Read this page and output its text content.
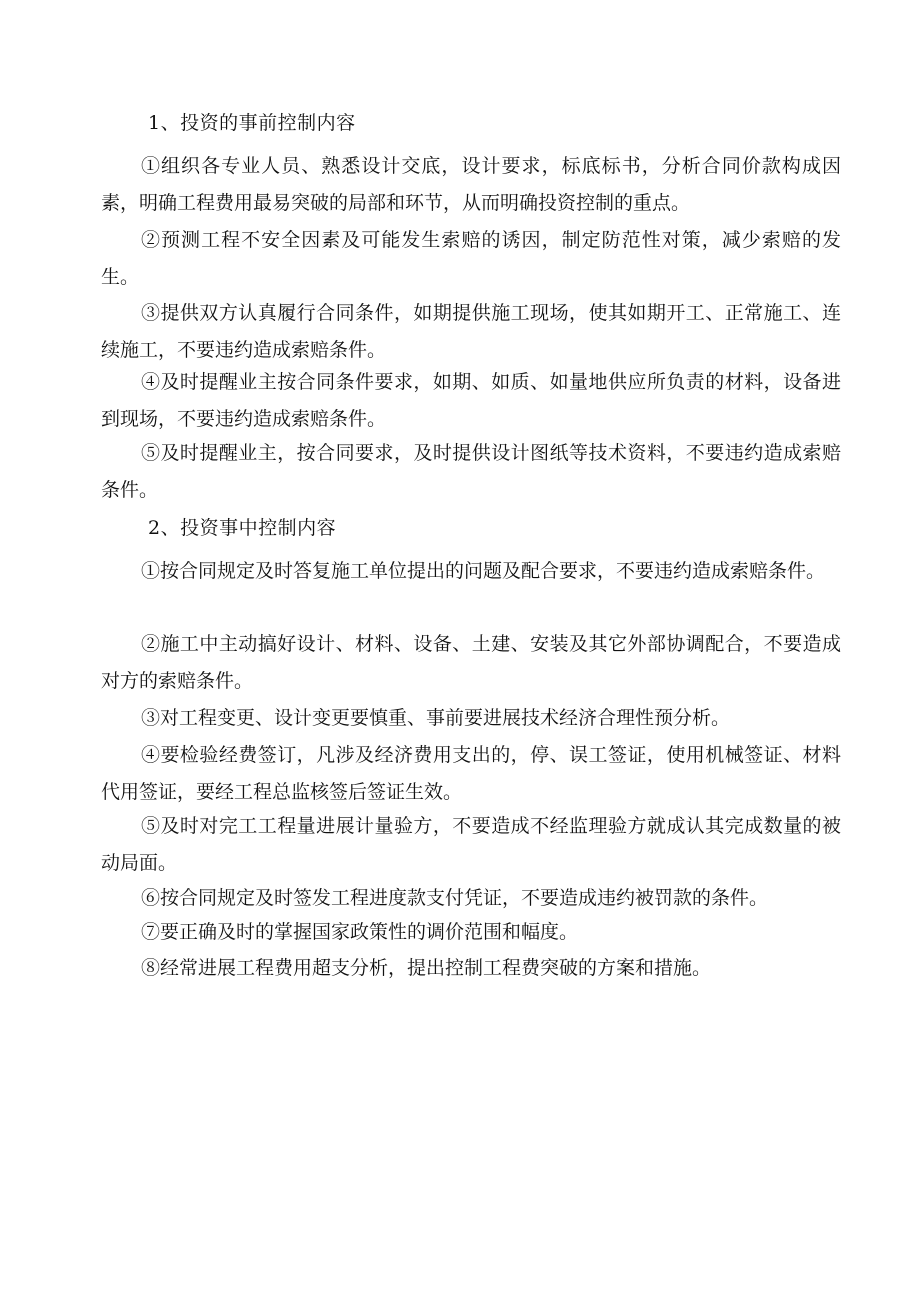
1、投资的事前控制内容

①组织各专业人员、熟悉设计交底，设计要求，标底标书，分析合同价款构成因素，明确工程费用最易突破的局部和环节，从而明确投资控制的重点。

②预测工程不安全因素及可能发生索赔的诱因，制定防范性对策，减少索赔的发生。

③提供双方认真履行合同条件，如期提供施工现场，使其如期开工、正常施工、连续施工，不要违约造成索赔条件。

④及时提醒业主按合同条件要求，如期、如质、如量地供应所负责的材料，设备进到现场，不要违约造成索赔条件。

⑤及时提醒业主，按合同要求，及时提供设计图纸等技术资料，不要违约造成索赔条件。

2、投资事中控制内容

①按合同规定及时答复施工单位提出的问题及配合要求，不要违约造成索赔条件。

②施工中主动搞好设计、材料、设备、土建、安装及其它外部协调配合，不要造成对方的索赔条件。

③对工程变更、设计变更要慎重、事前要进展技术经济合理性预分析。

④要检验经费签订，凡涉及经济费用支出的，停、误工签证，使用机械签证、材料代用签证，要经工程总监核签后签证生效。

⑤及时对完工工程量进展计量验方，不要造成不经监理验方就成认其完成数量的被动局面。

⑥按合同规定及时签发工程进度款支付凭证，不要造成违约被罚款的条件。

⑦要正确及时的掌握国家政策性的调价范围和幅度。

⑧经常进展工程费用超支分析，提出控制工程费突破的方案和措施。
